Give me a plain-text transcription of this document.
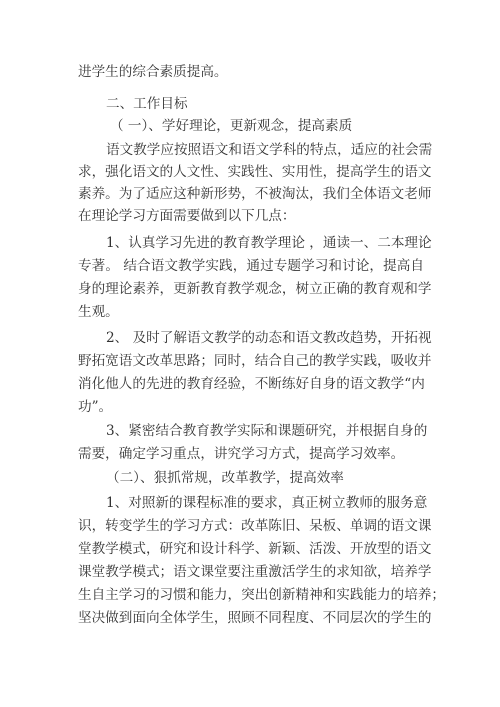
进学生的综合素质提高。
二、工作目标
（ 一）、学好理论，更新观念，提高素质
语文教学应按照语文和语文学科的特点，适应的社会需
求，强化语文的人文性、实践性、实用性，提高学生的语文
素养。为了适应这种新形势，不被淘汰，我们全体语文老师
在理论学习方面需要做到以下几点：
1、认真学习先进的教育教学理论 ，通读一、二本理论
专著。 结合语文教学实践，通过专题学习和讨论，提高自
身的理论素养，更新教育教学观念，树立正确的教育观和学
生观。
2、 及时了解语文教学的动态和语文教改趋势，开拓视
野拓宽语文改革思路；同时，结合自己的教学实践，吸收并
消化他人的先进的教育经验，不断练好自身的语文教学“内
功”。
3、紧密结合教育教学实际和课题研究，并根据自身的
需要，确定学习重点，讲究学习方式，提高学习效率。
（二）、狠抓常规，改革教学，提高效率
1、对照新的课程标准的要求，真正树立教师的服务意
识，转变学生的学习方式：改革陈旧、呆板、单调的语文课
堂教学模式，研究和设计科学、新颖、活泼、开放型的语文
课堂教学模式；语文课堂要注重激活学生的求知欲，培养学
生自主学习的习惯和能力，突出创新精神和实践能力的培养；
坚决做到面向全体学生，照顾不同程度、不同层次的学生的
